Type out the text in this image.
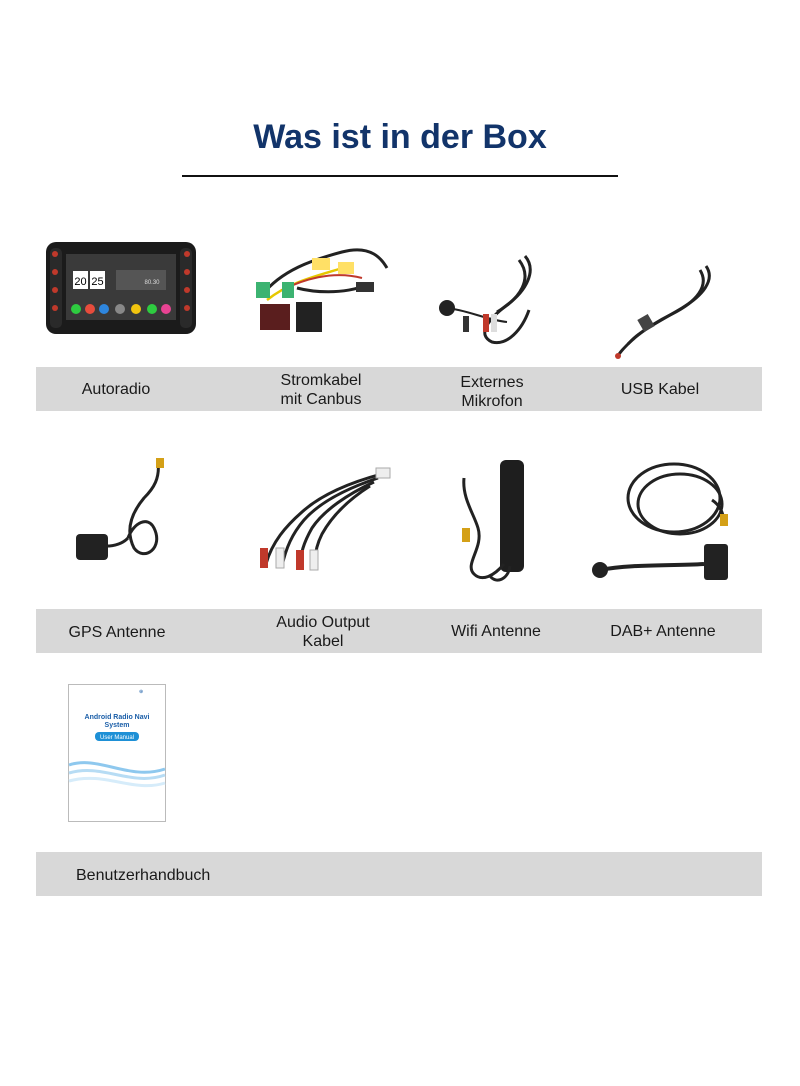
Was ist in der Box
20 25	80.30
Autoradio
Stromkabel
mit Canbus
Externes
Mikrofon
USB Kabel
GPS Antenne
Audio Output
Kabel
Wifi Antenne	DAB+ Antenne
⊕
Android Radio Navi
System
User Manual
Benutzerhandbuch
